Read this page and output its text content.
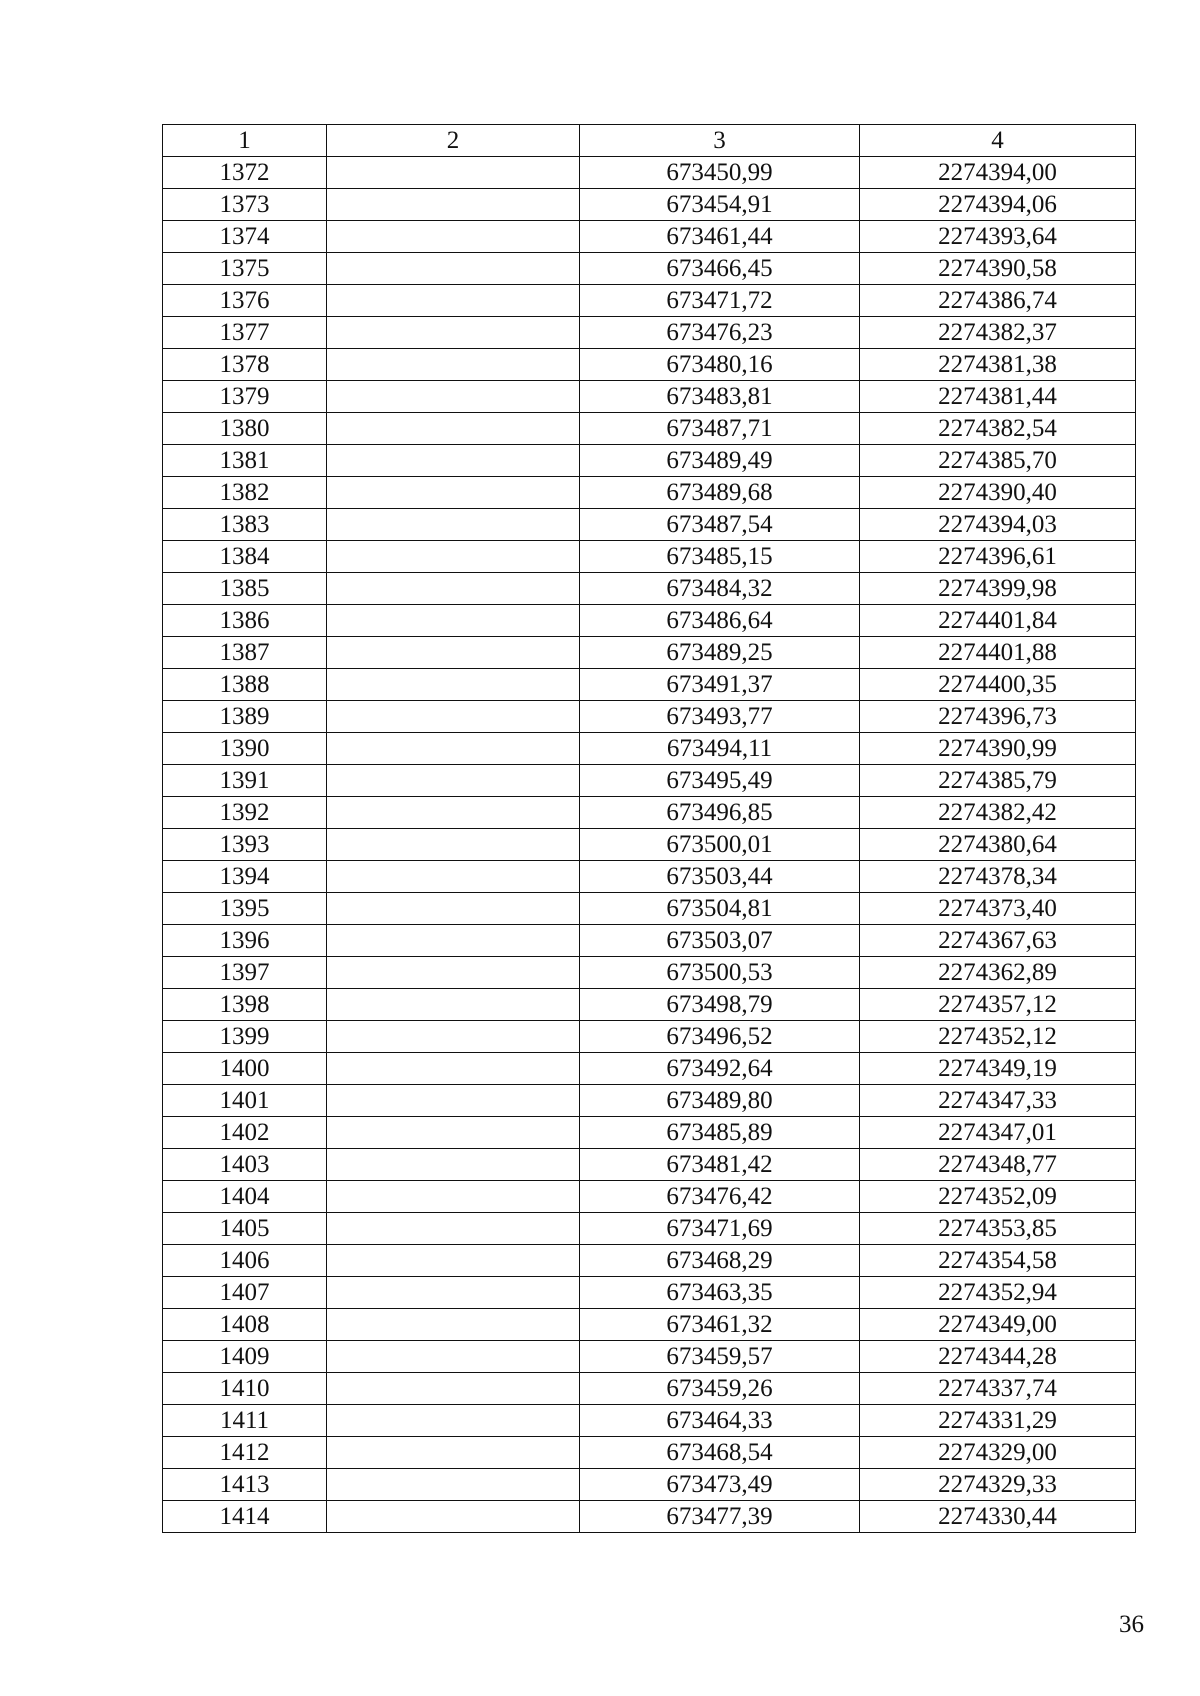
1	2	3	4
1372		673450,99	2274394,00
1373		673454,91	2274394,06
1374		673461,44	2274393,64
1375		673466,45	2274390,58
1376		673471,72	2274386,74
1377		673476,23	2274382,37
1378		673480,16	2274381,38
1379		673483,81	2274381,44
1380		673487,71	2274382,54
1381		673489,49	2274385,70
1382		673489,68	2274390,40
1383		673487,54	2274394,03
1384		673485,15	2274396,61
1385		673484,32	2274399,98
1386		673486,64	2274401,84
1387		673489,25	2274401,88
1388		673491,37	2274400,35
1389		673493,77	2274396,73
1390		673494,11	2274390,99
1391		673495,49	2274385,79
1392		673496,85	2274382,42
1393		673500,01	2274380,64
1394		673503,44	2274378,34
1395		673504,81	2274373,40
1396		673503,07	2274367,63
1397		673500,53	2274362,89
1398		673498,79	2274357,12
1399		673496,52	2274352,12
1400		673492,64	2274349,19
1401		673489,80	2274347,33
1402		673485,89	2274347,01
1403		673481,42	2274348,77
1404		673476,42	2274352,09
1405		673471,69	2274353,85
1406		673468,29	2274354,58
1407		673463,35	2274352,94
1408		673461,32	2274349,00
1409		673459,57	2274344,28
1410		673459,26	2274337,74
1411		673464,33	2274331,29
1412		673468,54	2274329,00
1413		673473,49	2274329,33
1414		673477,39	2274330,44
36
